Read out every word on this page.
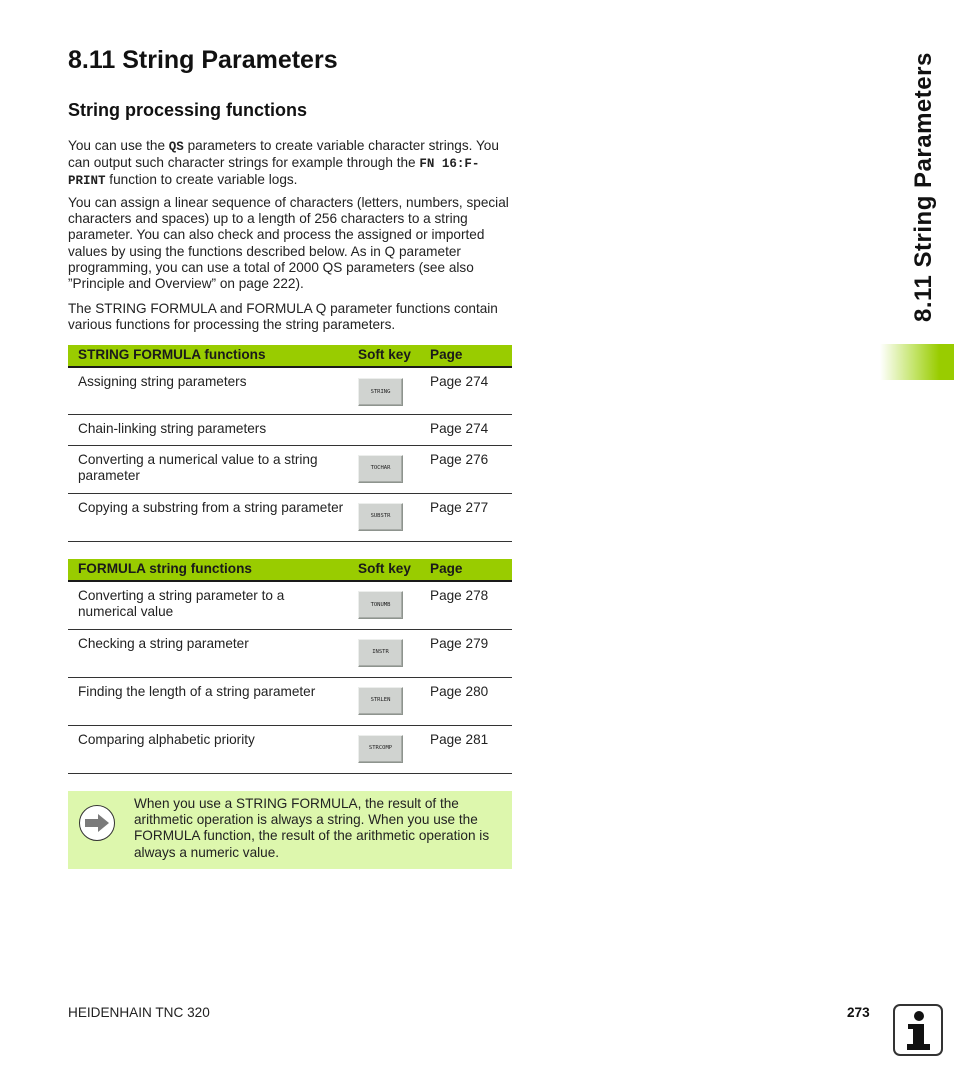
8.11 String Parameters
String processing functions
You can use the QS parameters to create variable character strings. You can output such character strings for example through the FN 16:F-PRINT function to create variable logs.
You can assign a linear sequence of characters (letters, numbers, special characters and spaces) up to a length of 256 characters to a string parameter. You can also check and process the assigned or imported values by using the functions described below. As in Q parameter programming, you can use a total of 2000 QS parameters (see also ”Principle and Overview” on page 222).
The STRING FORMULA and FORMULA Q parameter functions contain various functions for processing the string parameters.
STRING FORMULA functions	Soft key	Page
Assigning string parameters	STRING	Page 274
Chain-linking string parameters		Page 274
Converting a numerical value to a string parameter	TOCHAR	Page 276
Copying a substring from a string parameter	SUBSTR	Page 277
FORMULA string functions	Soft key	Page
Converting a string parameter to a numerical value	TONUMB	Page 278
Checking a string parameter	INSTR	Page 279
Finding the length of a string parameter	STRLEN	Page 280
Comparing alphabetic priority	STRCOMP	Page 281
When you use a STRING FORMULA, the result of the arithmetic operation is always a string. When you use the FORMULA function, the result of the arithmetic operation is always a numeric value.
8.11 String Parameters
HEIDENHAIN TNC 320	273
